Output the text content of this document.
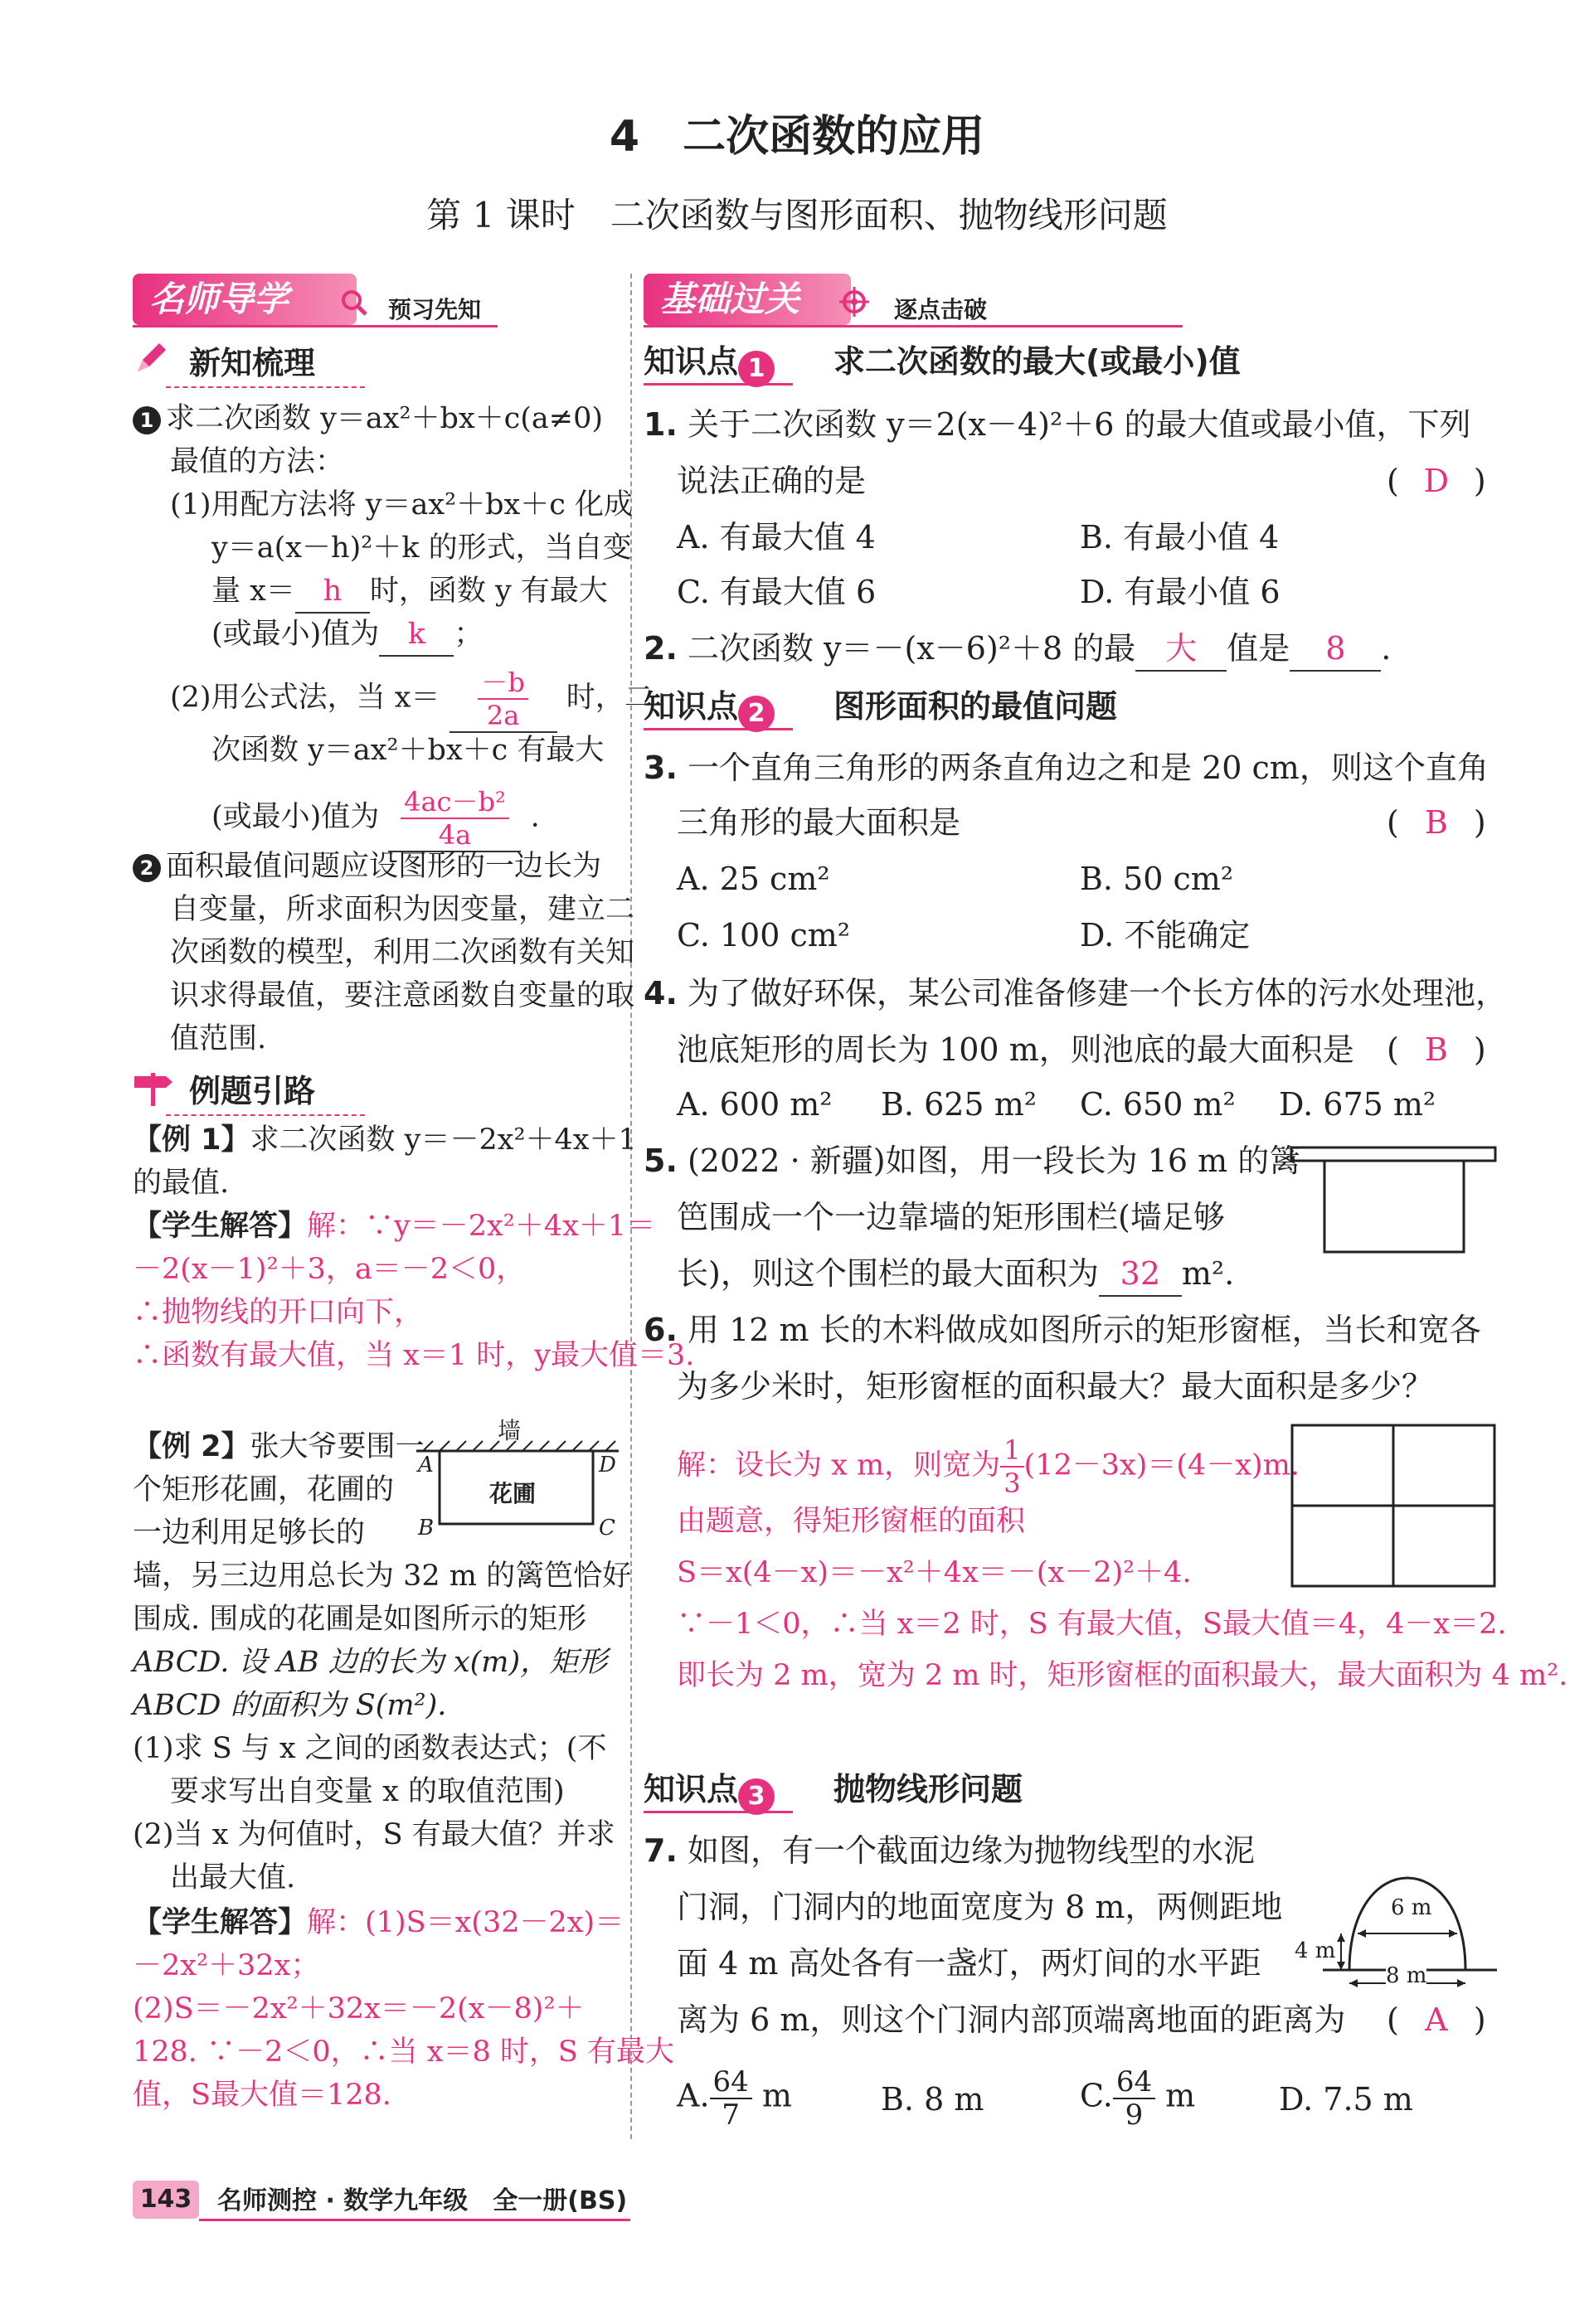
4　二次函数的应用
第 1 课时　二次函数与图形面积、抛物线形问题
名师导学	预习先知
新知梳理
1 求二次函数 y＝ax²＋bx＋c(a≠0)
最值的方法：
(1)用配方法将 y＝ax²＋bx＋c 化成
y＝a(x－h)²＋k 的形式，当自变
量 x＝ h 时，函数 y 有最大
(或最小)值为 k ；
(2)用公式法，当 $x= \frac{-b}{2a}$ 时，二
次函数 y＝ax²＋bx＋c 有最大
(或最小)值为 $\frac{\text{4ac－b²}}{4a}$ .
2 面积最值问题应设图形的一边长为
自变量，所求面积为因变量，建立二
次函数的模型，利用二次函数有关知
识求得最值，要注意函数自变量的取
值范围.
例题引路
【例 1】求二次函数 y＝－2x²＋4x＋1
的最值.
【学生解答】解：∵y＝－2x²＋4x＋1＝
－2(x－1)²＋3，a＝－2＜0，
∴抛物线的开口向下，
∴函数有最大值，当 x＝1 时，y最大值＝3.
【例 2】张大爷要围一
个矩形花圃，花圃的
一边利用足够长的
墙，另三边用总长为 32 m 的篱笆恰好
围成. 围成的花圃是如图所示的矩形
ABCD. 设 AB 边的长为 x(m)，矩形
ABCD 的面积为 S(m²).
(1)求 S 与 x 之间的函数表达式；(不
要求写出自变量 x 的取值范围)
(2)当 x 为何值时，S 有最大值？并求
出最大值.
【学生解答】解：(1)S＝x(32－2x)＝
－2x²＋32x；
(2)S＝－2x²＋32x＝－2(x－8)²＋
128. ∵－2＜0，∴当 x＝8 时，S 有最大
值，S最大值＝128.
墙
花圃
A	D
B	C
基础过关	逐点击破
知识点 1	求二次函数的最大(或最小)值
1. 关于二次函数 y＝2(x－4)²＋6 的最大值或最小值，下列
说法正确的是	( D )
A. 有最大值 4	B. 有最小值 4
C. 有最大值 6	D. 有最小值 6
2. 二次函数 y＝－(x－6)²＋8 的最 大 值是 8 .
知识点 2	图形面积的最值问题
3. 一个直角三角形的两条直角边之和是 20 cm，则这个直角
三角形的最大面积是	( B )
A. 25 cm²	B. 50 cm²
C. 100 cm²	D. 不能确定
4. 为了做好环保，某公司准备修建一个长方体的污水处理池，
池底矩形的周长为 100 m，则池底的最大面积是 ( B )
A. 600 m² B. 625 m² C. 650 m² D. 675 m²
5. (2022 · 新疆)如图，用一段长为 16 m 的篱
笆围成一个一边靠墙的矩形围栏(墙足够
长)，则这个围栏的最大面积为 32 m².
6. 用 12 m 长的木料做成如图所示的矩形窗框，当长和宽各
为多少米时，矩形窗框的面积最大？最大面积是多少？
解：设长为 x m，则宽为 $\frac{1}{3} (12-3x)=(4-x)m$.
由题意，得矩形窗框的面积
S＝x(4－x)＝－x²＋4x＝－(x－2)²＋4.
∵－1＜0，∴当 x＝2 时，S 有最大值，S最大值＝4，4－x＝2.
即长为 2 m，宽为 2 m 时，矩形窗框的面积最大，最大面积为 4 m².
知识点 3	抛物线形问题
7. 如图，有一个截面边缘为抛物线型的水泥
门洞，门洞内的地面宽度为 8 m，两侧距地
面 4 m 高处各有一盏灯，两灯间的水平距
离为 6 m，则这个门洞内部顶端离地面的距离为 ( A )
A. $\frac{64}{7}$ m	B. 8 m	C. $\frac{64}{9}$ m	D. 7.5 m
6 m
4 m
8 m
143 名师测控 · 数学九年级　全一册(BS)
